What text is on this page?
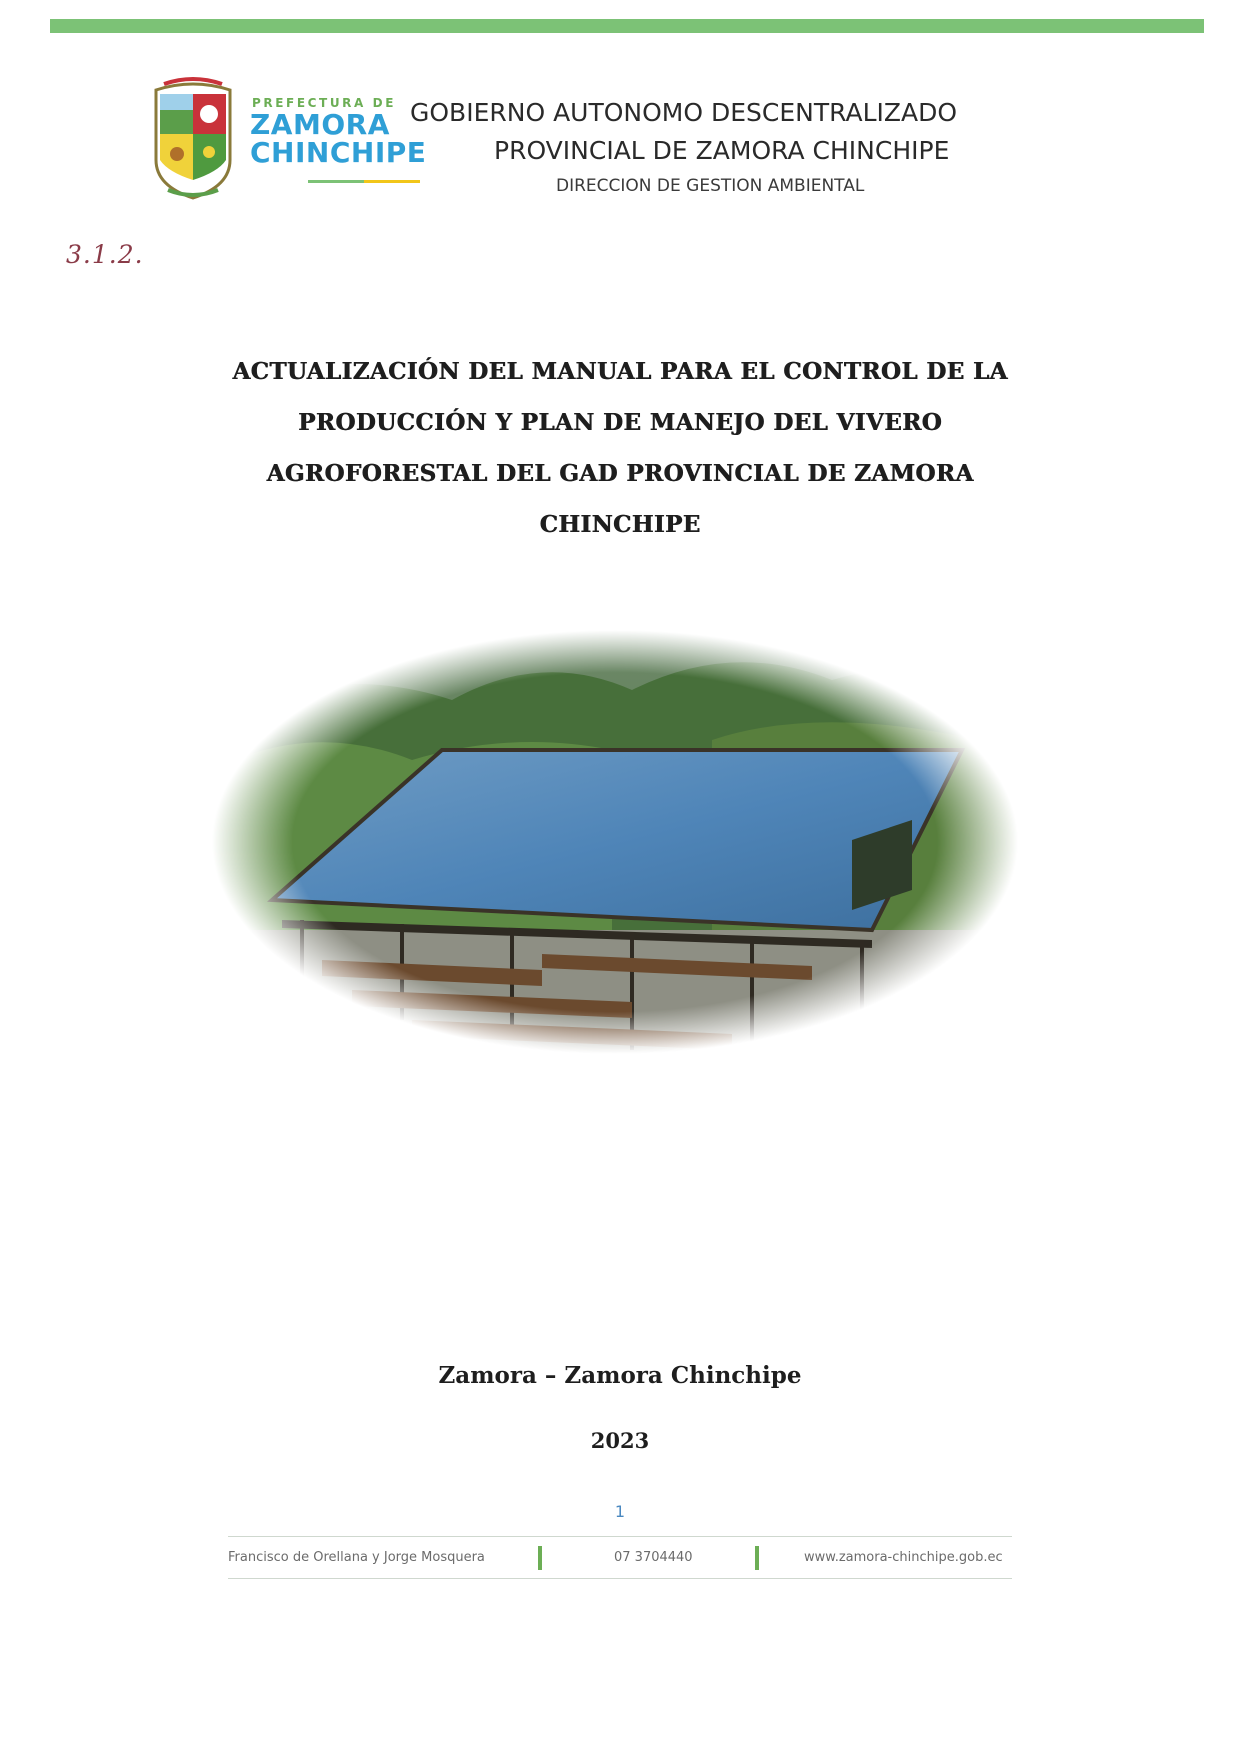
PREFECTURA DE
ZAMORA
CHINCHIPE
GOBIERNO AUTONOMO DESCENTRALIZADO
PROVINCIAL DE ZAMORA CHINCHIPE
DIRECCION DE GESTION AMBIENTAL
3.1.2.
ACTUALIZACIÓN DEL MANUAL PARA EL CONTROL DE LA
PRODUCCIÓN Y PLAN DE MANEJO DEL VIVERO
AGROFORESTAL DEL GAD PROVINCIAL DE ZAMORA
CHINCHIPE
Zamora – Zamora Chinchipe
2023
1
Francisco de Orellana y Jorge Mosquera	07 3704440	www.zamora-chinchipe.gob.ec
